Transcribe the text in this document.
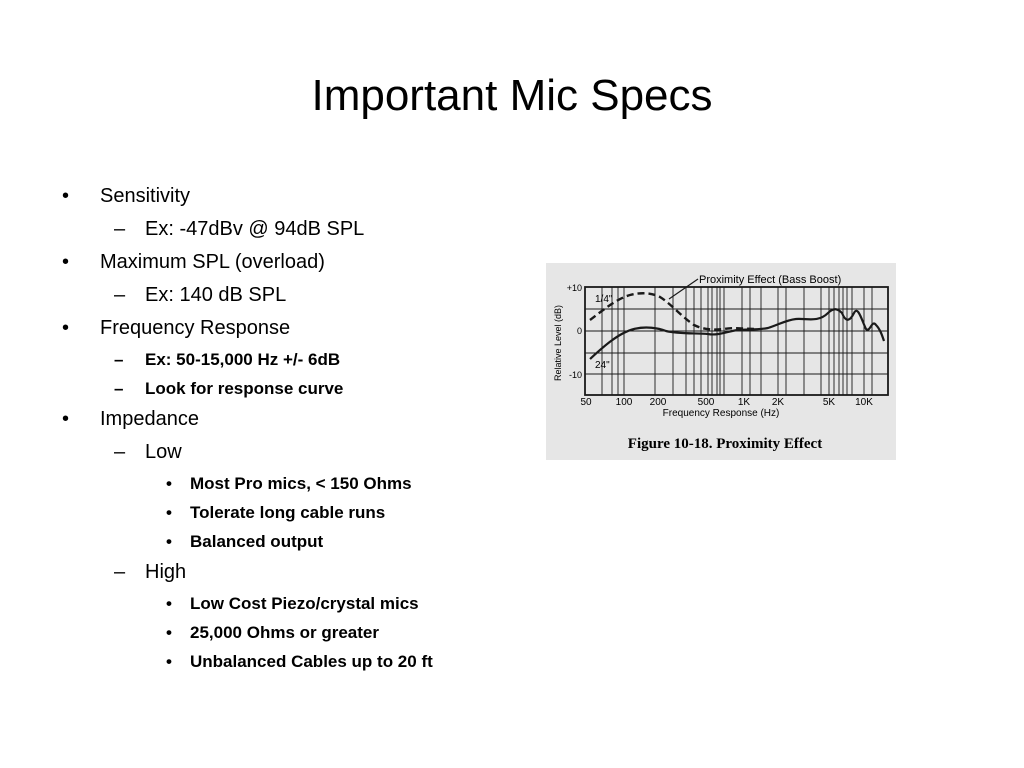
Important Mic Specs
• Sensitivity
– Ex: -47dBv @ 94dB SPL
• Maximum SPL (overload)
– Ex: 140 dB SPL
• Frequency Response
– Ex: 50-15,000 Hz +/- 6dB
– Look for response curve
• Impedance
– Low
• Most Pro mics, < 150 Ohms
• Tolerate long cable runs
• Balanced output
– High
• Low Cost Piezo/crystal mics
• 25,000 Ohms or greater
• Unbalanced Cables up to 20 ft
Proximity Effect (Bass Boost)
1/4"
24"
Relative Level (dB)
+10
0
-10
50 100 200	500 1K 2K	5K 10K
Frequency Response (Hz)
Figure 10-18. Proximity Effect
